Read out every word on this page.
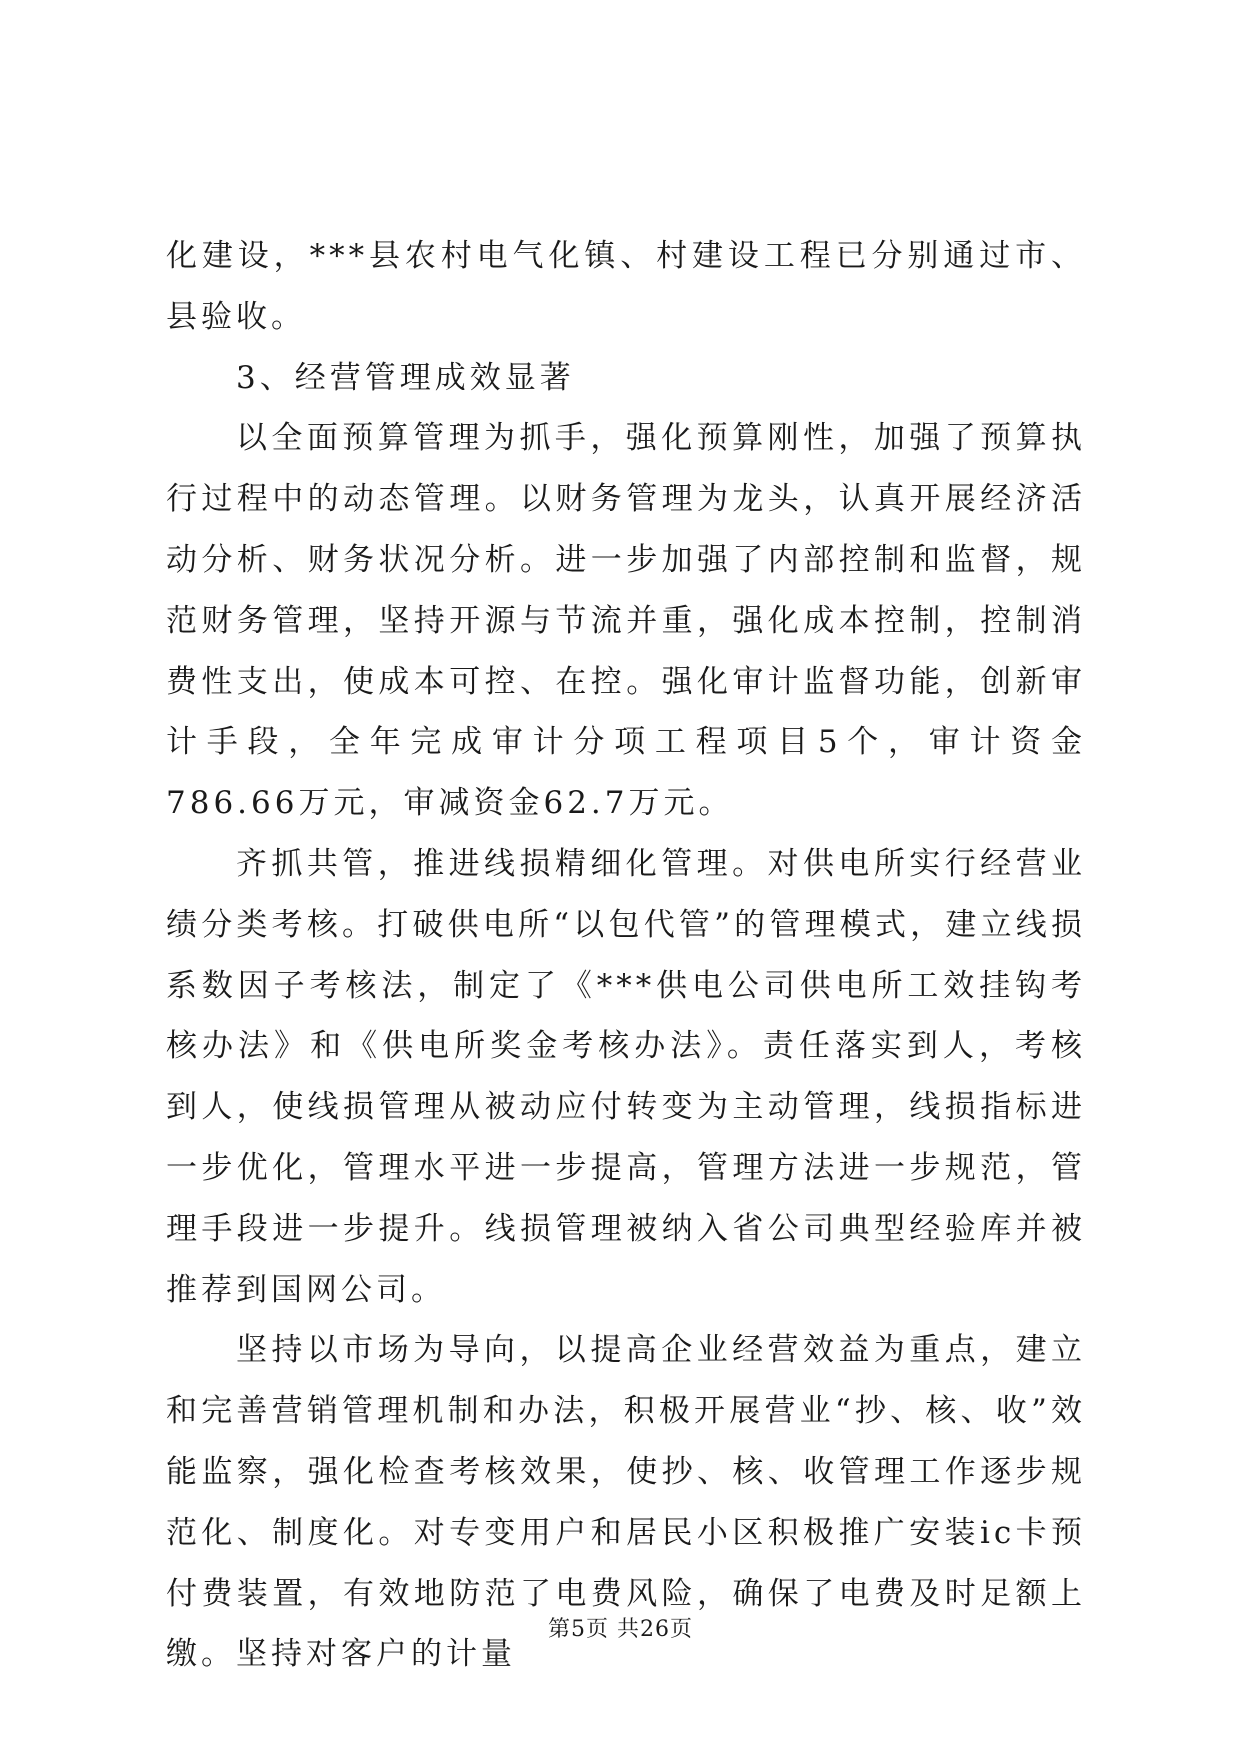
化建设，***县农村电气化镇、村建设工程已分别通过市、县验收。

3、经营管理成效显著

以全面预算管理为抓手，强化预算刚性，加强了预算执行过程中的动态管理。以财务管理为龙头，认真开展经济活动分析、财务状况分析。进一步加强了内部控制和监督，规范财务管理，坚持开源与节流并重，强化成本控制，控制消费性支出，使成本可控、在控。强化审计监督功能，创新审计手段，全年完成审计分项工程项目5个，审计资金786.66万元，审减资金62.7万元。

齐抓共管，推进线损精细化管理。对供电所实行经营业绩分类考核。打破供电所“以包代管”的管理模式，建立线损系数因子考核法，制定了《***供电公司供电所工效挂钩考核办法》和《供电所奖金考核办法》。责任落实到人，考核到人，使线损管理从被动应付转变为主动管理，线损指标进一步优化，管理水平进一步提高，管理方法进一步规范，管理手段进一步提升。线损管理被纳入省公司典型经验库并被推荐到国网公司。

坚持以市场为导向，以提高企业经营效益为重点，建立和完善营销管理机制和办法，积极开展营业“抄、核、收”效能监察，强化检查考核效果，使抄、核、收管理工作逐步规范化、制度化。对专变用户和居民小区积极推广安装ic卡预付费装置，有效地防范了电费风险，确保了电费及时足额上缴。坚持对客户的计量

第5页 共26页
